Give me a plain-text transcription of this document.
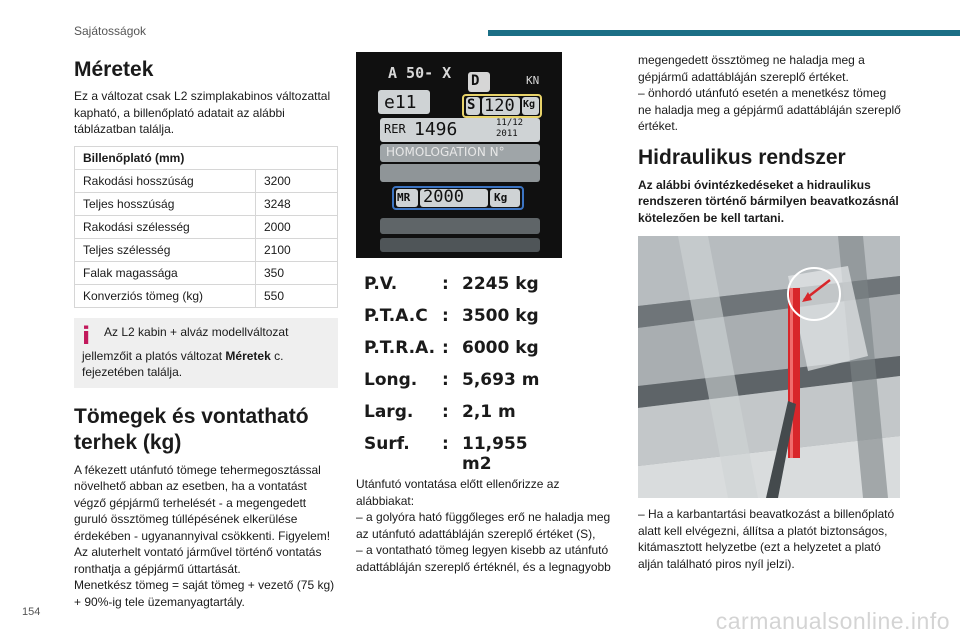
Sajátosságok
Méretek

Ez a változat csak L2 szimplakabinos változattal kapható, a billenőplató adatait az alábbi táblázatban találja.

Billenőplató (mm)	
Rakodási hosszúság	3200
Teljes hosszúság	3248
Rakodási szélesség	2000
Teljes szélesség	2100
Falak magassága	350
Konverziós tömeg (kg)	550
i Az L2 kabin + alváz modellváltozat jellemzőit a platós változat Méretek c. fejezetében találja.
Tömegek és vontatható terhek (kg)

A fékezett utánfutó tömege tehermegosztással növelhető abban az esetben, ha a vontatást végző gépjármű terhelését - a megengedett guruló össztömeg túllépésének elkerülése érdekében - ugyanannyival csökkenti. Figyelem! Az aluterhelt vontató járművel történő vontatás ronthatja a gépjármű úttartását.

Menetkész tömeg = saját tömeg + vezető (75 kg) + 90%-ig tele üzemanyagtartály.

A 50- X D	KN
e11	S 120 Kg
RER 1496	11/12
2011
HOMOLOGATION N°
MR 2000	Kg
P.V.	: 2245 kg
P.T.A.C : 3500 kg
P.T.R.A. : 6000 kg
Long. : 5,693 m
Larg. : 2,1 m
Surf. : 11,955 m2

Utánfutó vontatása előtt ellenőrizze az alábbiakat:

– a golyóra ható függőleges erő ne haladja meg az utánfutó adattábláján szereplő értéket (S),

– a vontatható tömeg legyen kisebb az utánfutó adattábláján szereplő értéknél, és a legnagyobb

megengedett össztömeg ne haladja meg a gépjármű adattábláján szereplő értéket.

– önhordó utánfutó esetén a menetkész tömeg ne haladja meg a gépjármű adattábláján szereplő értéket.

Hidraulikus rendszer

Az alábbi óvintézkedéseket a hidraulikus rendszeren történő bármilyen beavatkozásnál kötelezően be kell tartani.

– Ha a karbantartási beavatkozást a billenőplató alatt kell elvégezni, állítsa a platót biztonságos, kitámasztott helyzetbe (ezt a helyzetet a plató alján található piros nyíl jelzi).

154	carmanualsonline.info
